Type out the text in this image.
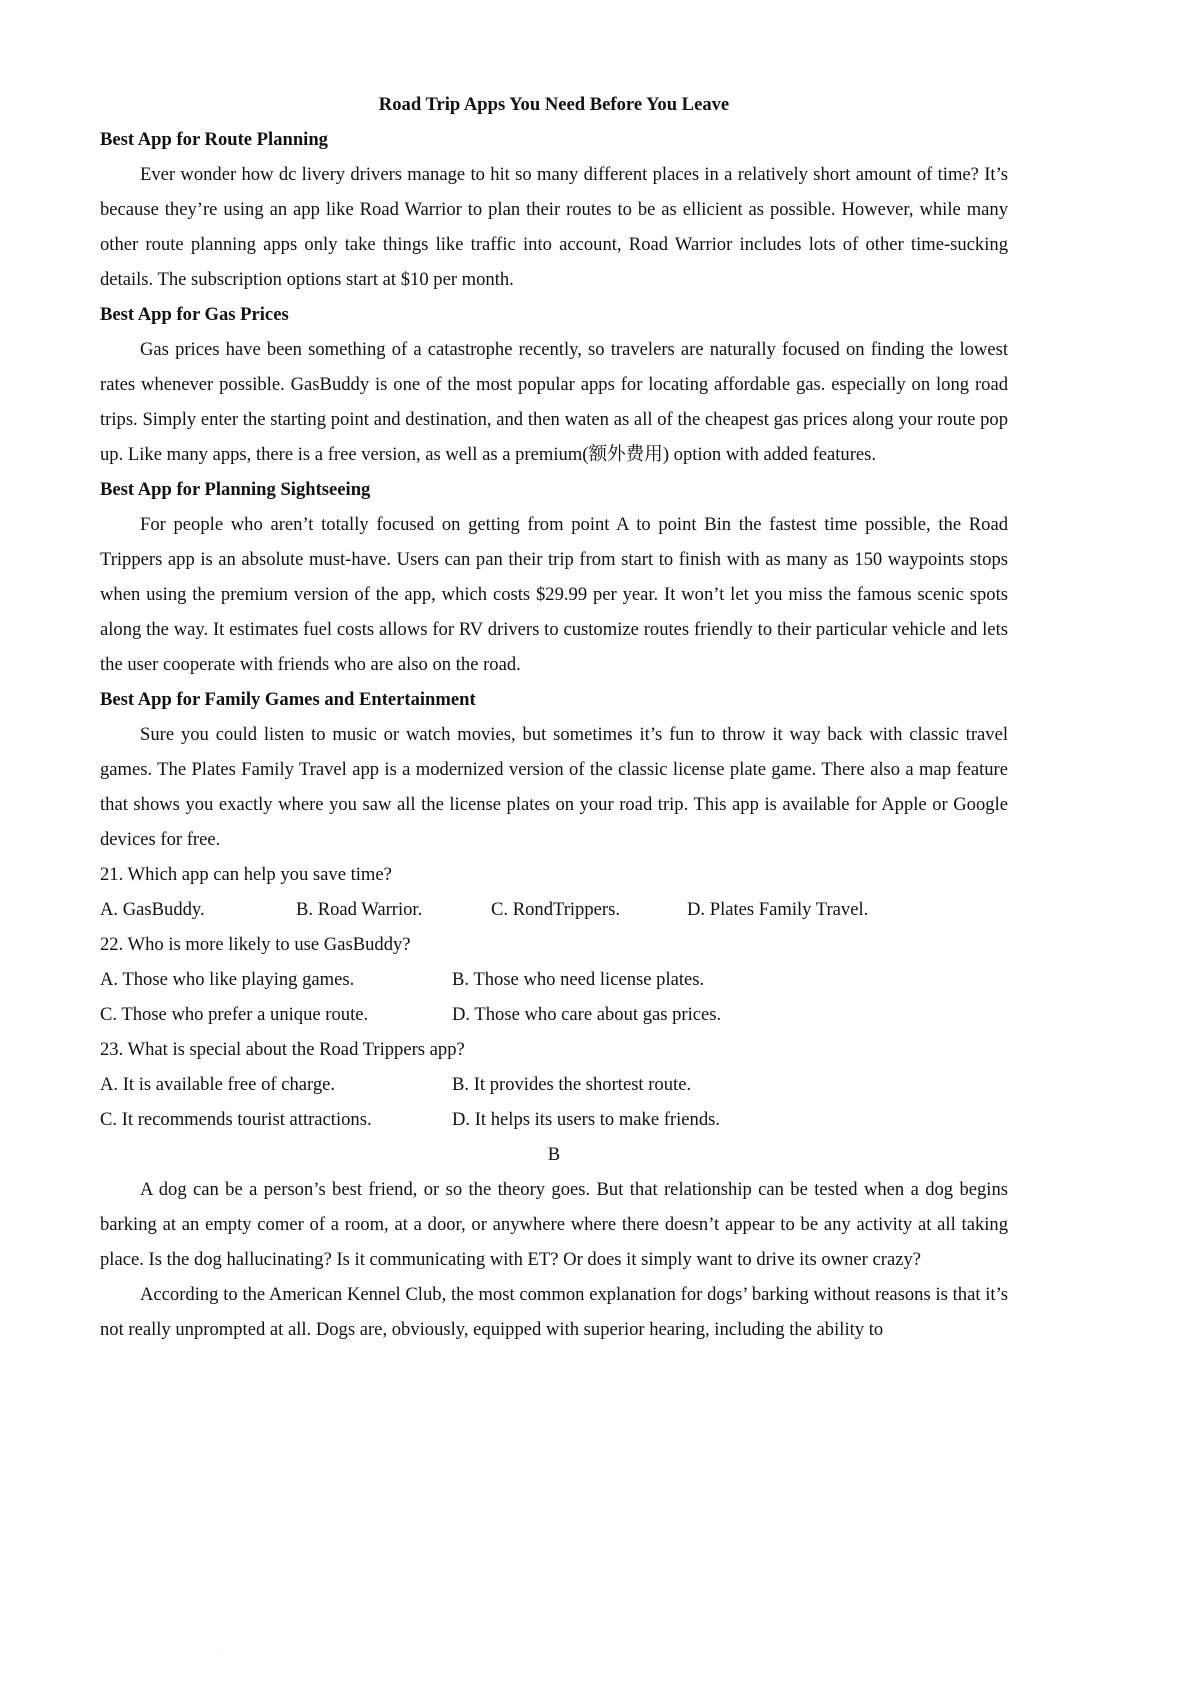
Road Trip Apps You Need Before You Leave

Best App for Route Planning

Ever wonder how dc livery drivers manage to hit so many different places in a relatively short amount of time? It’s because they’re using an app like Road Warrior to plan their routes to be as ellicient as possible. However, while many other route planning apps only take things like traffic into account, Road Warrior includes lots of other time-sucking details. The subscription options start at $10 per month.

Best App for Gas Prices

Gas prices have been something of a catastrophe recently, so travelers are naturally focused on finding the lowest rates whenever possible. GasBuddy is one of the most popular apps for locating affordable gas. especially on long road trips. Simply enter the starting point and destination, and then waten as all of the cheapest gas prices along your route pop up. Like many apps, there is a free version, as well as a premium(额外费用) option with added features.

Best App for Planning Sightseeing

For people who aren’t totally focused on getting from point A to point Bin the fastest time possible, the Road Trippers app is an absolute must-have. Users can pan their trip from start to finish with as many as 150 waypoints stops when using the premium version of the app, which costs $29.99 per year. It won’t let you miss the famous scenic spots along the way. It estimates fuel costs allows for RV drivers to customize routes friendly to their particular vehicle and lets the user cooperate with friends who are also on the road.

Best App for Family Games and Entertainment

Sure you could listen to music or watch movies, but sometimes it’s fun to throw it way back with classic travel games. The Plates Family Travel app is a modernized version of the classic license plate game. There also a map feature that shows you exactly where you saw all the license plates on your road trip. This app is available for Apple or Google devices for free.

21. Which app can help you save time?

A. GasBuddy.	B. Road Warrior.	C. RondTrippers.	D. Plates Family Travel.

22. Who is more likely to use GasBuddy?

A. Those who like playing games.	B. Those who need license plates.

C. Those who prefer a unique route.	D. Those who care about gas prices.

23. What is special about the Road Trippers app?

A. It is available free of charge.	B. It provides the shortest route.

C. It recommends tourist attractions.	D. It helps its users to make friends.

B

A dog can be a person’s best friend, or so the theory goes. But that relationship can be tested when a dog begins barking at an empty comer of a room, at a door, or anywhere where there doesn’t appear to be any activity at all taking place. Is the dog hallucinating? Is it communicating with ET? Or does it simply want to drive its owner crazy?

According to the American Kennel Club, the most common explanation for dogs’ barking without reasons is that it’s not really unprompted at all. Dogs are, obviously, equipped with superior hearing, including the ability to
